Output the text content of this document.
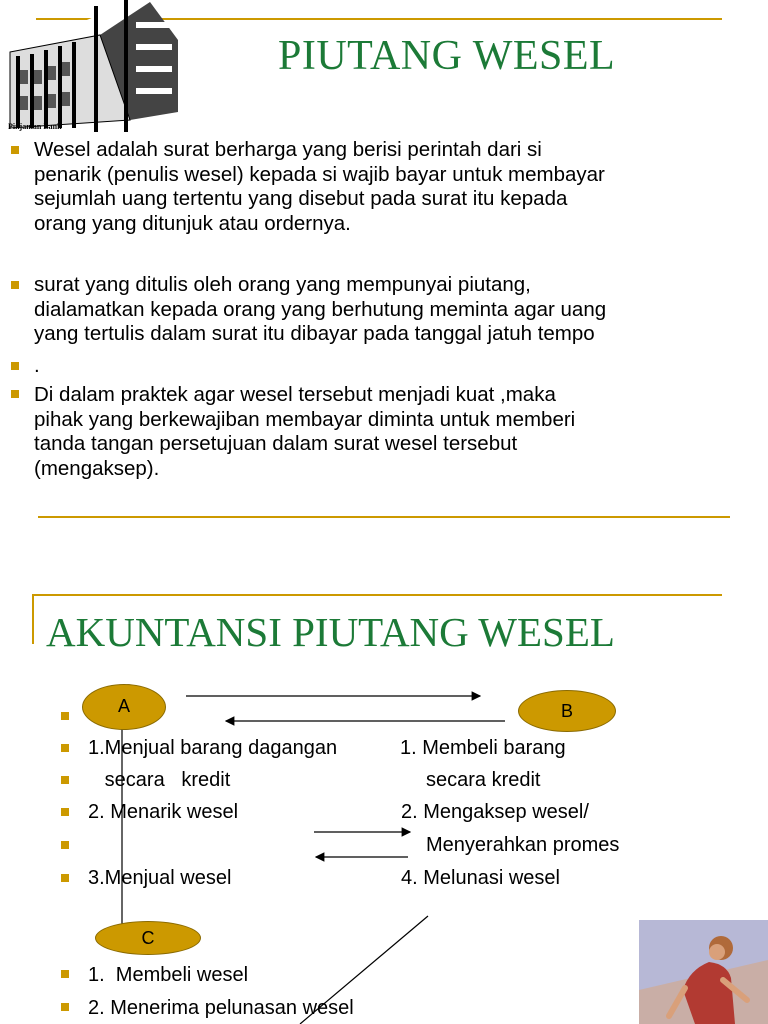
Pinjaman Bank
PIUTANG WESEL
Wesel adalah surat berharga yang berisi perintah dari si
penarik (penulis wesel) kepada si wajib bayar untuk membayar
sejumlah uang tertentu yang disebut pada surat itu kepada
orang yang ditunjuk atau ordernya.
surat yang ditulis oleh orang yang mempunyai piutang,
dialamatkan kepada orang yang berhutung meminta agar uang
yang tertulis dalam surat itu dibayar pada tanggal jatuh tempo
.
Di dalam praktek agar wesel tersebut menjadi kuat ,maka
pihak yang berkewajiban membayar diminta untuk memberi
tanda tangan persetujuan dalam surat wesel tersebut
(mengaksep).
AKUNTANSI PIUTANG WESEL
A	B
C
1.Menjual barang dagangan
secara   kredit
2. Menarik wesel
3.Menjual wesel
1. Membeli barang
secara kredit
2. Mengaksep wesel/
Menyerahkan promes
4. Melunasi wesel
1.  Membeli wesel
2. Menerima pelunasan wesel
